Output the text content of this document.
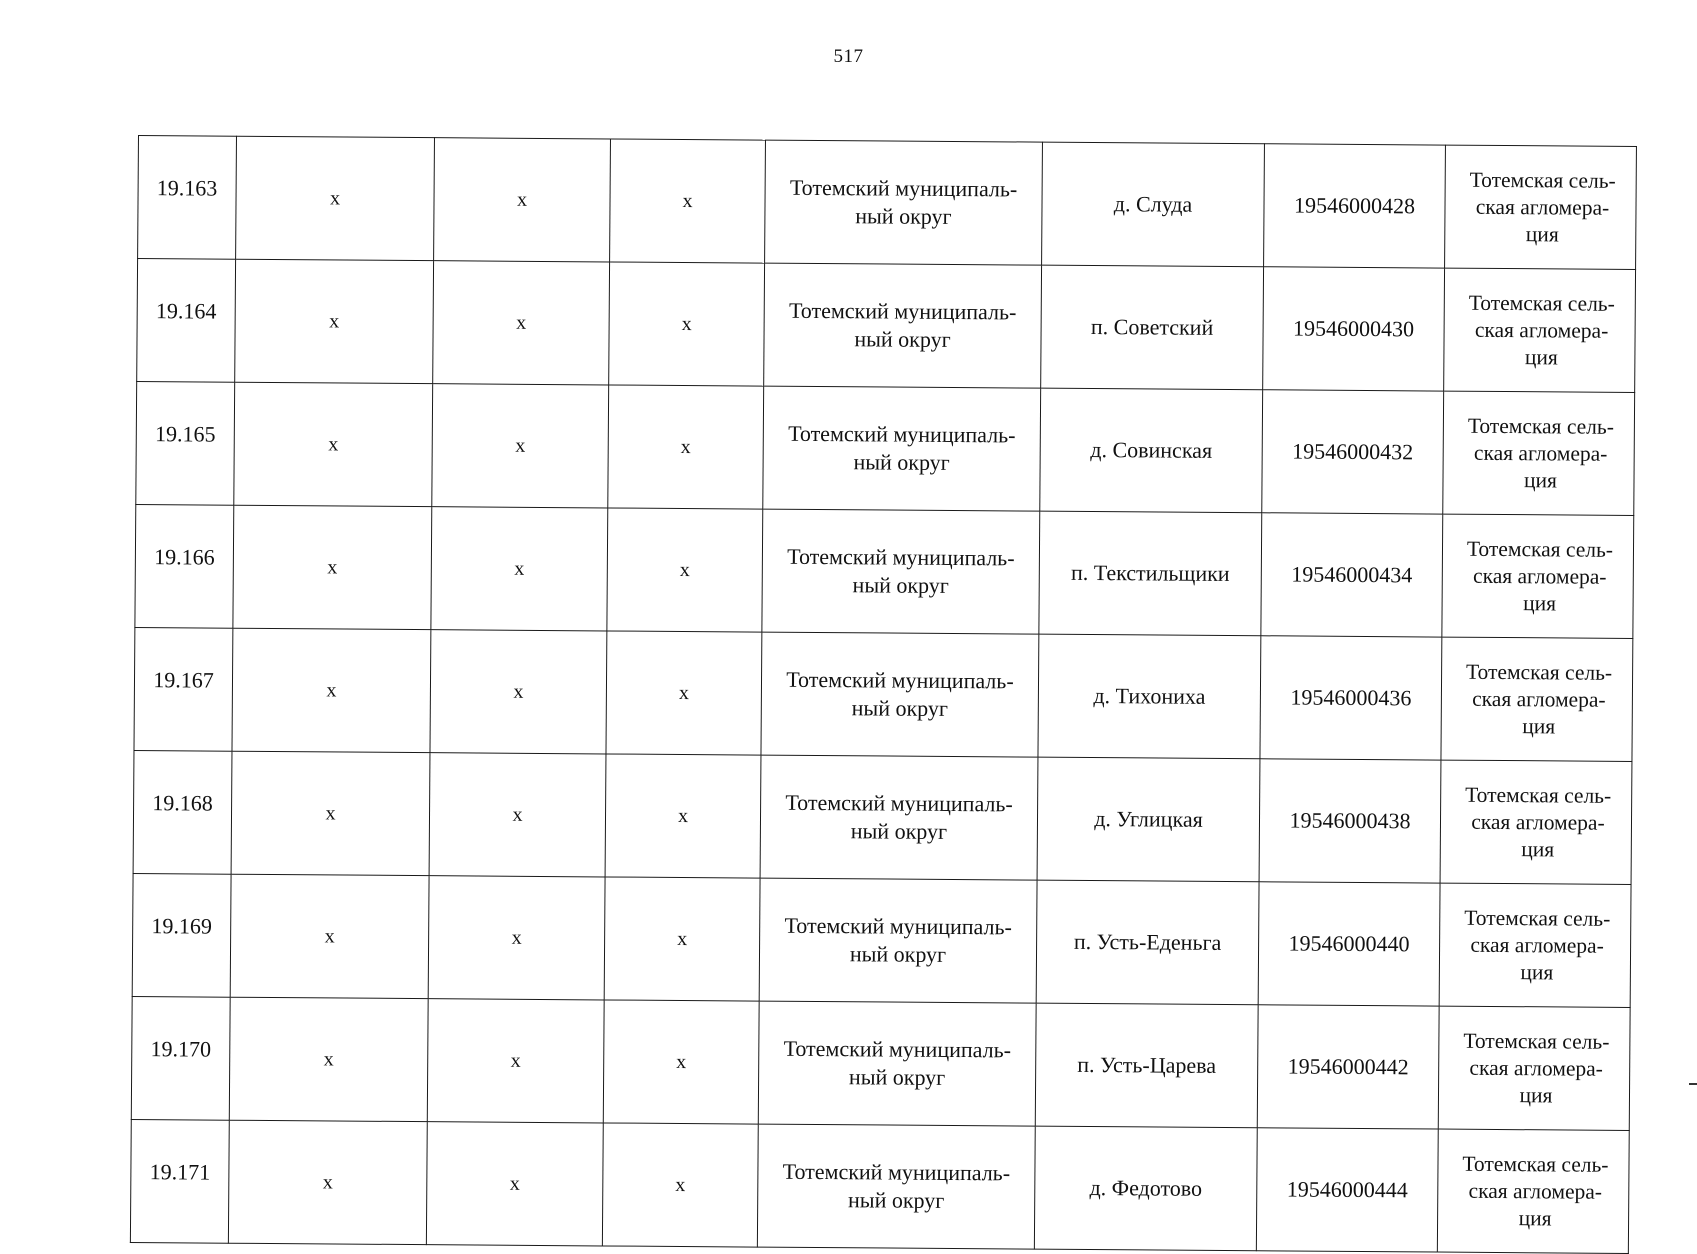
517
19.163	x	x	x	Тотемский муниципаль-
ный округ	д. Слуда	19546000428	Тотемская сель-
ская агломера-
ция

19.164	x	x	x	Тотемский муниципаль-
ный округ	п. Советский	19546000430	Тотемская сель-
ская агломера-
ция

19.165	x	x	x	Тотемский муниципаль-
ный округ	д. Совинская	19546000432	Тотемская сель-
ская агломера-
ция

19.166	x	x	x	Тотемский муниципаль-
ный округ	п. Текстильщики	19546000434	Тотемская сель-
ская агломера-
ция

19.167	x	x	x	Тотемский муниципаль-
ный округ	д. Тихониха	19546000436	Тотемская сель-
ская агломера-
ция

19.168	x	x	x	Тотемский муниципаль-
ный округ	д. Углицкая	19546000438	Тотемская сель-
ская агломера-
ция

19.169	x	x	x	Тотемский муниципаль-
ный округ	п. Усть-Еденьга	19546000440	Тотемская сель-
ская агломера-
ция

19.170	x	x	x	Тотемский муниципаль-
ный округ	п. Усть-Царева	19546000442	Тотемская сель-
ская агломера-
ция

19.171	x	x	x	Тотемский муниципаль-
ный округ	д. Федотово	19546000444	Тотемская сель-
ская агломера-
ция
